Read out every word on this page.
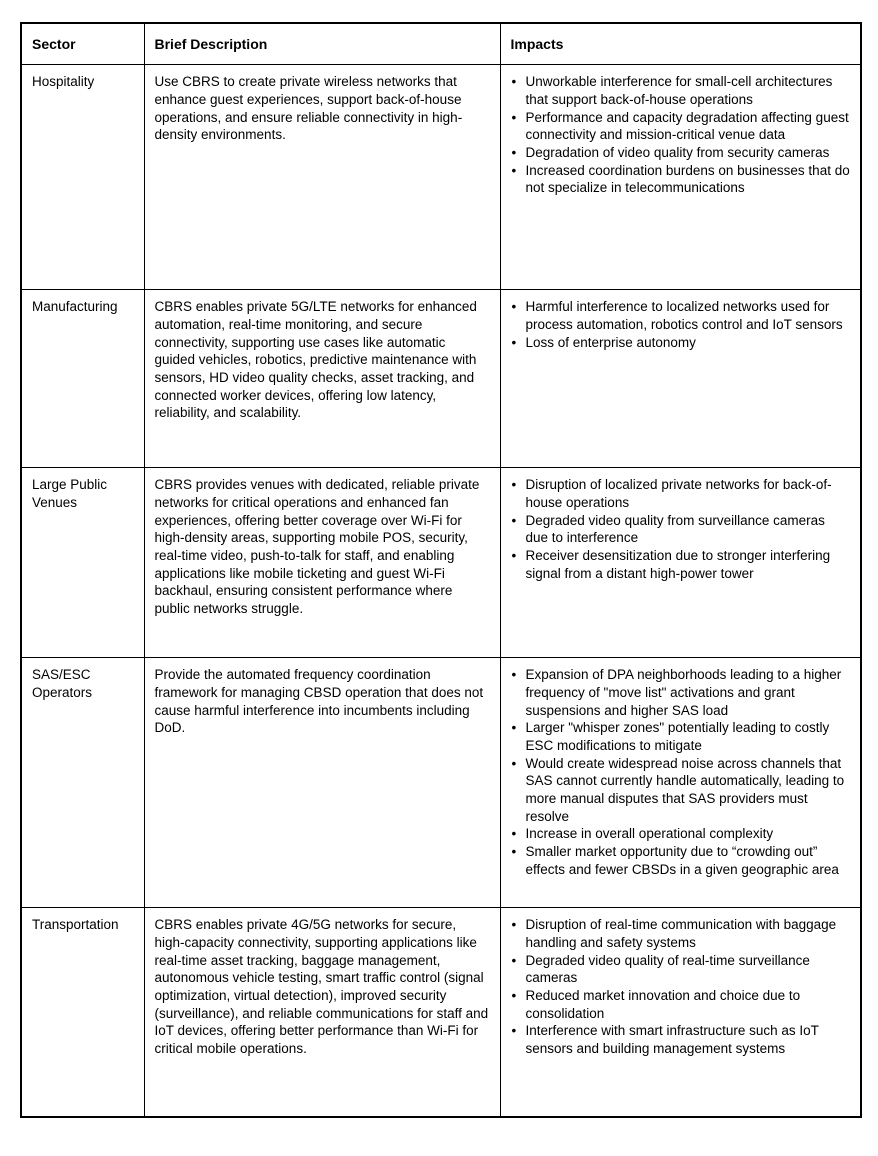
Sector	Brief Description	Impacts
Hospitality	Use CBRS to create private wireless networks that enhance guest experiences, support back-of-house operations, and ensure reliable connectivity in high-density environments.	
• Unworkable interference for small-cell architectures that support back-of-house operations
• Performance and capacity degradation affecting guest connectivity and mission-critical venue data
• Degradation of video quality from security cameras
• Increased coordination burdens on businesses that do not specialize in telecommunications

Manufacturing	CBRS enables private 5G/LTE networks for enhanced automation, real-time monitoring, and secure connectivity, supporting use cases like automatic guided vehicles, robotics, predictive maintenance with sensors, HD video quality checks, asset tracking, and connected worker devices, offering low latency, reliability, and scalability.	
• Harmful interference to localized networks used for process automation, robotics control and IoT sensors
• Loss of enterprise autonomy

Large Public Venues	CBRS provides venues with dedicated, reliable private networks for critical operations and enhanced fan experiences, offering better coverage over Wi-Fi for high-density areas, supporting mobile POS, security, real-time video, push-to-talk for staff, and enabling applications like mobile ticketing and guest Wi-Fi backhaul, ensuring consistent performance where public networks struggle.	
• Disruption of localized private networks for back-of-house operations
• Degraded video quality from surveillance cameras due to interference
• Receiver desensitization due to stronger interfering signal from a distant high-power tower

SAS/ESC Operators	Provide the automated frequency coordination framework for managing CBSD operation that does not cause harmful interference into incumbents including DoD.	
• Expansion of DPA neighborhoods leading to a higher frequency of "move list" activations and grant suspensions and higher SAS load
• Larger "whisper zones" potentially leading to costly ESC modifications to mitigate
• Would create widespread noise across channels that SAS cannot currently handle automatically, leading to more manual disputes that SAS providers must resolve
• Increase in overall operational complexity
• Smaller market opportunity due to “crowding out” effects and fewer CBSDs in a given geographic area

Transportation	CBRS enables private 4G/5G networks for secure, high-capacity connectivity, supporting applications like real-time asset tracking, baggage management, autonomous vehicle testing, smart traffic control (signal optimization, virtual detection), improved security (surveillance), and reliable communications for staff and IoT devices, offering better performance than Wi-Fi for critical mobile operations.	
• Disruption of real-time communication with baggage handling and safety systems
• Degraded video quality of real-time surveillance cameras
• Reduced market innovation and choice due to consolidation
• Interference with smart infrastructure such as IoT sensors and building management systems
